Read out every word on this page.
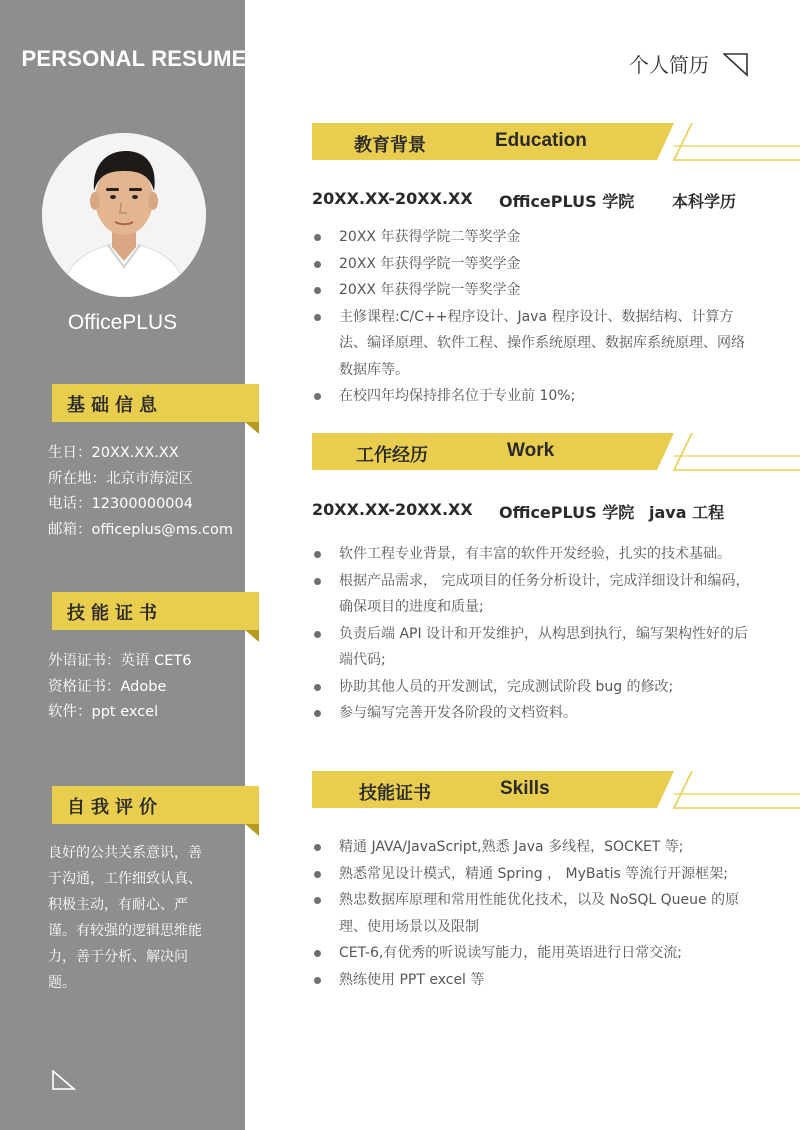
PERSONAL RESUME
OfficePLUS
基础信息
生日：20XX.XX.XX
所在地：北京市海淀区
电话：12300000004
邮箱：officeplus@ms.com
技能证书
外语证书：英语 CET6
资格证书：Adobe
软件：ppt excel
自我评价
良好的公共关系意识，善于沟通，工作细致认真、积极主动，有耐心、严谨。有较强的逻辑思维能力，善于分析、解决问题。
个人简历
教育背景	Education
20XX.XX-20XX.XX OfficePLUS 学院 本科学历
20XX 年获得学院二等奖学金
20XX 年获得学院一等奖学金
20XX 年获得学院一等奖学金
主修课程:C/C++程序设计、Java 程序设计、数据结构、计算方法、编译原理、软件工程、操作系统原理、数据库系统原理、网络数据库等。
在校四年均保持排名位于专业前 10%;
工作经历	Work
20XX.XX-20XX.XX OfficePLUS 学院 java 工程
软件工程专业背景，有丰富的软件开发经验，扎实的技术基础。
根据产品需求， 完成项目的任务分析设计，完成洋细设计和编码，确保项目的进度和质量;
负责后端 API 设计和开发维护，从构思到执行，编写架构性好的后端代码;
协助其他人员的开发测试，完成测试阶段 bug 的修改;
参与编写完善开发各阶段的文档资料。
技能证书	Skills
精通 JAVA/JavaScript,熟悉 Java 多线程，SOCKET 等;
熟悉常见设计模式，精通 Spring ， MyBatis 等流行开源框架;
熟忠数据库原理和常用性能优化技术，以及 NoSQL Queue 的原理、使用场景以及限制
CET-6,有优秀的听说读写能力，能用英语进行日常交流;
熟练使用 PPT excel 等
